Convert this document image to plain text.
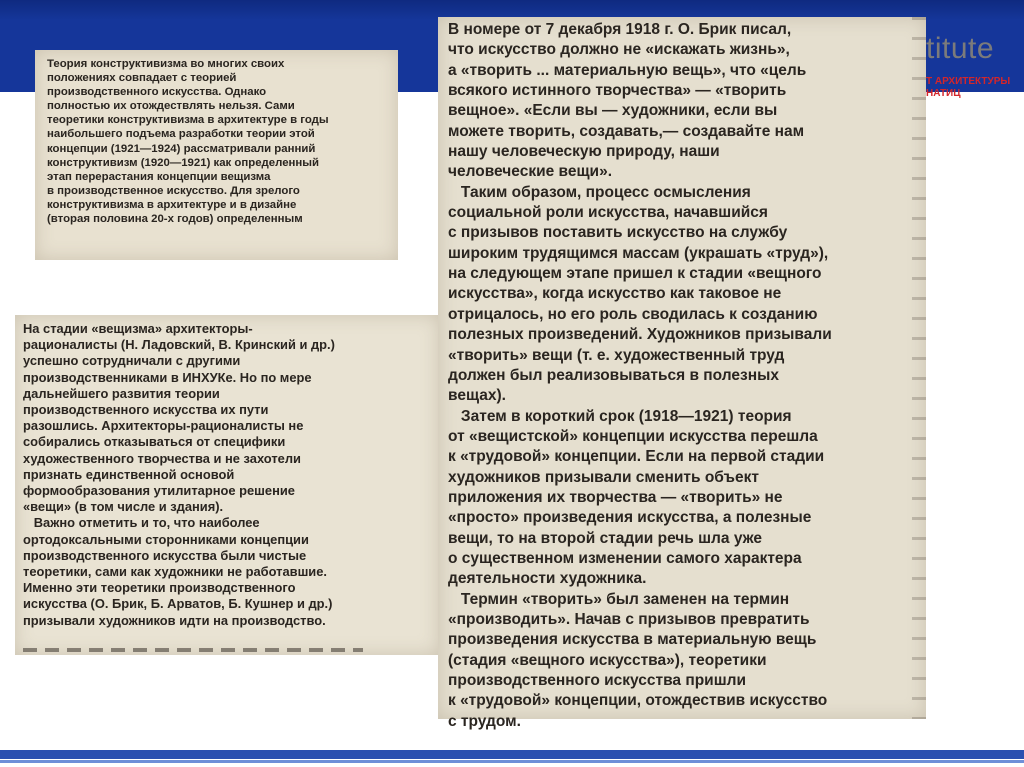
titute
Т АРХИТЕКТУРЫ
НАТИЦ

Теория конструктивизма во многих своих
положениях совпадает с теорией
производственного искусства. Однако
полностью их отождествлять нельзя. Сами
теоретики конструктивизма в архитектуре в годы
наибольшего подъема разработки теории этой
концепции (1921—1924) рассматривали ранний
конструктивизм (1920—1921) как определенный
этап перерастания концепции вещизма
в производственное искусство. Для зрелого
конструктивизма в архитектуре и в дизайне
(вторая половина 20-х годов) определенным

На стадии «вещизма» архитекторы-
рационалисты (Н. Ладовский, В. Кринский и др.)
успешно сотрудничали с другими
производственниками в ИНХУКе. Но по мере
дальнейшего развития теории
производственного искусства их пути
разошлись. Архитекторы-рационалисты не
собирались отказываться от специфики
художественного творчества и не захотели
признать единственной основой
формообразования утилитарное решение
«вещи» (в том числе и здания).
Важно отметить и то, что наиболее
ортодоксальными сторонниками концепции
производственного искусства были чистые
теоретики, сами как художники не работавшие.
Именно эти теоретики производственного
искусства (О. Брик, Б. Арватов, Б. Кушнер и др.)
призывали художников идти на производство.

В номере от 7 декабря 1918 г. О. Брик писал,
что искусство должно не «искажать жизнь»,
а «творить ... материальную вещь», что «цель
всякого истинного творчества» — «творить
вещное». «Если вы — художники, если вы
можете творить, создавать,— создавайте нам
нашу человеческую природу, наши
человеческие вещи».
Таким образом, процесс осмысления
социальной роли искусства, начавшийся
с призывов поставить искусство на службу
широким трудящимся массам (украшать «труд»),
на следующем этапе пришел к стадии «вещного
искусства», когда искусство как таковое не
отрицалось, но его роль сводилась к созданию
полезных произведений. Художников призывали
«творить» вещи (т. е. художественный труд
должен был реализовываться в полезных
вещах).
Затем в короткий срок (1918—1921) теория
от «вещистской» концепции искусства перешла
к «трудовой» концепции. Если на первой стадии
художников призывали сменить объект
приложения их творчества — «творить» не
«просто» произведения искусства, а полезные
вещи, то на второй стадии речь шла уже
о существенном изменении самого характера
деятельности художника.
Термин «творить» был заменен на термин
«производить». Начав с призывов превратить
произведения искусства в материальную вещь
(стадия «вещного искусства»), теоретики
производственного искусства пришли
к «трудовой» концепции, отождествив искусство
с трудом.
